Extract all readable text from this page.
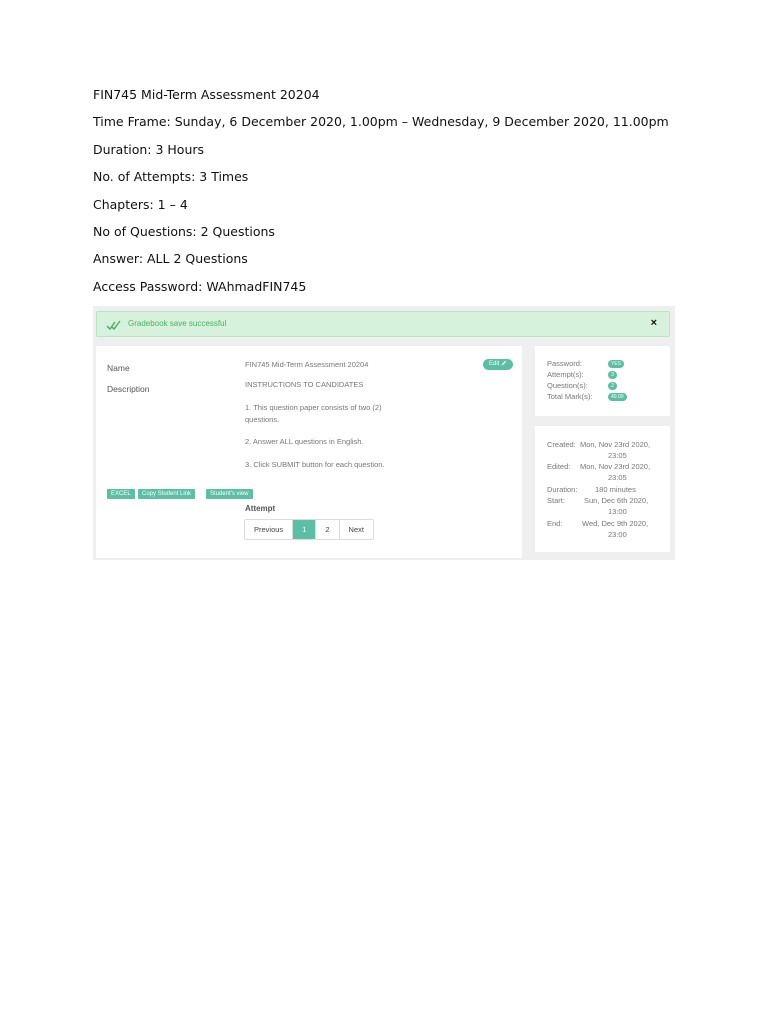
FIN745 Mid-Term Assessment 20204
Time Frame: Sunday, 6 December 2020, 1.00pm – Wednesday, 9 December 2020, 11.00pm
Duration: 3 Hours
No. of Attempts: 3 Times
Chapters: 1 – 4
No of Questions: 2 Questions
Answer: ALL 2 Questions
Access Password: WAhmadFIN745
Gradebook save successful	×
Name	FIN745 Mid-Term Assessment 20204	Edit
Description	INSTRUCTIONS TO CANDIDATES
1. This question paper consists of two (2)
questions.
2. Answer ALL questions in English.
3. Click SUBMIT button for each question.
EXCEL	Copy Student Link	Student's view
Attempt
Previous	1	2	Next
Password:	YES
Attempt(s):	3
Question(s):	2
Total Mark(s):	40.00
Created: Mon, Nov 23rd 2020,
23:05
Edited: Mon, Nov 23rd 2020,
23:05
Duration: 180 minutes
Start:	Sun, Dec 6th 2020,
13:00
End:	Wed, Dec 9th 2020,
23:00
